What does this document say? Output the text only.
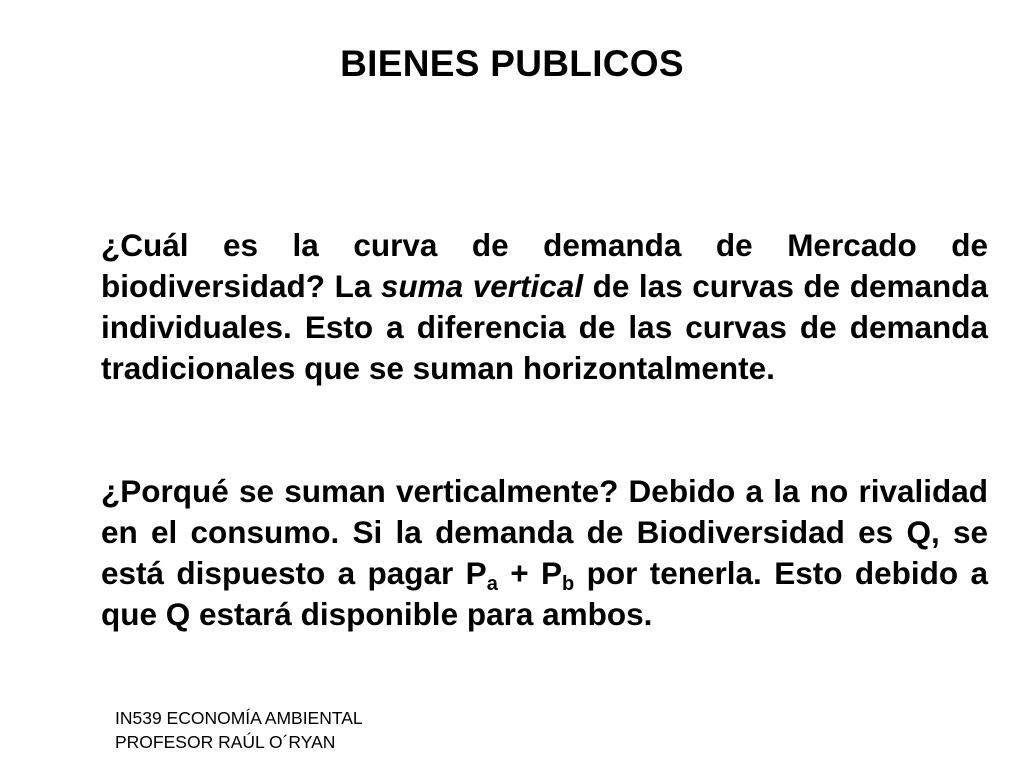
BIENES PUBLICOS

¿Cuál es la curva de demanda de Mercado de biodiversidad? La suma vertical de las curvas de demanda individuales. Esto a diferencia de las curvas de demanda tradicionales que se suman horizontalmente.

¿Porqué se suman verticalmente? Debido a la no rivalidad en el consumo. Si la demanda de Biodiversidad es Q, se está dispuesto a pagar $P_a + P_b$ por tenerla. Esto debido a que Q estará disponible para ambos.

IN539 ECONOMÍA AMBIENTAL
PROFESOR RAÚL O´RYAN
